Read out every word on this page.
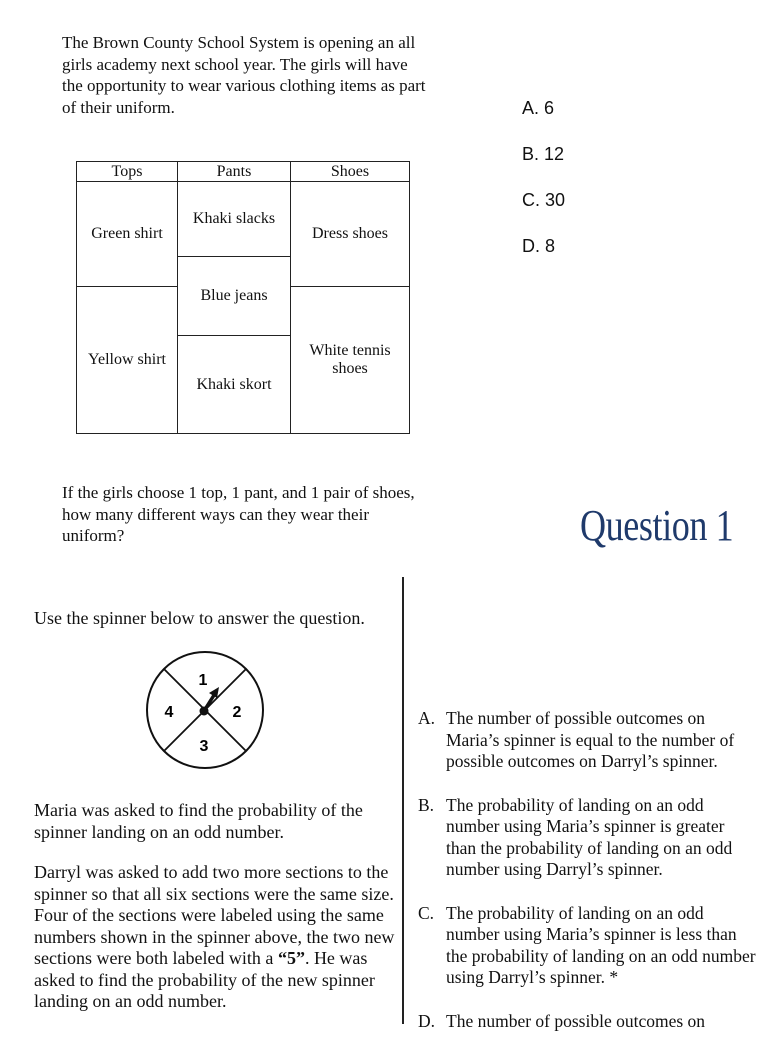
The Brown County School System is opening an all girls academy next school year. The girls will have the opportunity to wear various clothing items as part of their uniform.	A. 6
B. 12
C. 30
D. 8
Tops	Pants	Shoes
Green shirt	Khaki slacks	Dress shoes
	Blue jeans	
Yellow shirt		White tennis shoes
	Khaki skort	
If the girls choose 1 top, 1 pant, and 1 pair of shoes, how many different ways can they wear their uniform?	Question 1
Use the spinner below to answer the question.
1
2
3
4

Maria was asked to find the probability of the spinner landing on an odd number.

Darryl was asked to add two more sections to the spinner so that all six sections were the same size. Four of the sections were labeled using the same numbers shown in the spinner above, the two new sections were both labeled with a “5”. He was asked to find the probability of the new spinner landing on an odd number.

A. The number of possible outcomes on Maria’s spinner is equal to the number of possible outcomes on Darryl’s spinner.
B. The probability of landing on an odd number using Maria’s spinner is greater than the probability of landing on an odd number using Darryl’s spinner.
C. The probability of landing on an odd number using Maria’s spinner is less than the probability of landing on an odd number using Darryl’s spinner. *
D. The number of possible outcomes on
